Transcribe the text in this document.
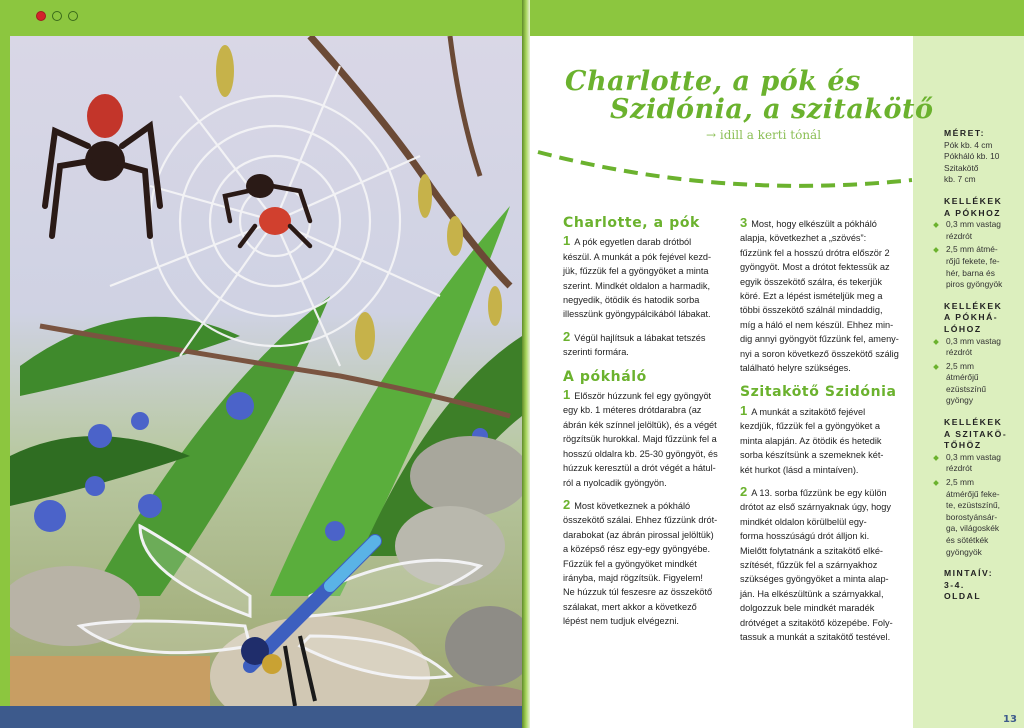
Charlotte, a pók és
Szidónia, a szitakötő
→ idill a kerti tónál
Charlotte, a pók
1 A pók egyetlen darab drótból
készül. A munkát a pók fejével kezd-
jük, fűzzük fel a gyöngyöket a minta
szerint. Mindkét oldalon a harmadik,
negyedik, ötödik és hatodik sorba
illesszünk gyöngypálcikából lábakat.
2 Végül hajlítsuk a lábakat tetszés
szerinti formára.
A pókháló
1 Először húzzunk fel egy gyöngyöt
egy kb. 1 méteres drótdarabra (az
ábrán kék színnel jelöltük), és a végét
rögzítsük hurokkal. Majd fűzzünk fel a
hosszú oldalra kb. 25-30 gyöngyöt, és
húzzuk keresztül a drót végét a hátul-
ról a nyolcadik gyöngyön.
2 Most következnek a pókháló
összekötő szálai. Ehhez fűzzünk drót-
darabokat (az ábrán pirossal jelöltük)
a középső rész egy-egy gyöngyébe.
Fűzzük fel a gyöngyöket mindkét
irányba, majd rögzítsük. Figyelem!
Ne húzzuk túl feszesre az összekötő
szálakat, mert akkor a következő
lépést nem tudjuk elvégezni.
3 Most, hogy elkészült a pókháló
alapja, következhet a „szövés”:
fűzzünk fel a hosszú drótra először 2
gyöngyöt. Most a drótot fektessük az
egyik összekötő szálra, és tekerjük
köré. Ezt a lépést ismételjük meg a
többi összekötő szálnál mindaddig,
míg a háló el nem készül. Ehhez min-
dig annyi gyöngyöt fűzzünk fel, ameny-
nyi a soron következő összekötő szálig
található helyre szükséges.
Szitakötő Szidónia
1 A munkát a szitakötő fejével
kezdjük, fűzzük fel a gyöngyöket a
minta alapján. Az ötödik és hetedik
sorba készítsünk a szemeknek két-
két hurkot (lásd a mintaíven).
2 A 13. sorba fűzzünk be egy külön
drótot az első szárnyaknak úgy, hogy
mindkét oldalon körülbelül egy-
forma hosszúságú drót álljon ki.
Mielőtt folytatnánk a szitakötő elké-
szítését, fűzzük fel a szárnyakhoz
szükséges gyöngyöket a minta alap-
ján. Ha elkészültünk a szárnyakkal,
dolgozzuk bele mindkét maradék
drótvéget a szitakötő közepébe. Foly-
tassuk a munkát a szitakötő testével.
MÉRET:
Pók kb. 4 cm
Pókháló kb. 10
Szitakötő
kb. 7 cm
KELLÉKEK
A PÓKHOZ
0,3 mm vastag
rézdrót
2,5 mm átmé-
rőjű fekete, fe-
hér, barna és
piros gyöngyök
KELLÉKEK
A PÓKHÁ-
LÓHOZ
0,3 mm vastag
rézdrót
2,5 mm
átmérőjű
ezüstszínű
gyöngy
KELLÉKEK
A SZITAKÖ-
TŐHÖZ
0,3 mm vastag
rézdrót
2,5 mm
átmérőjű feke-
te, ezüstszínű,
borostyánsár-
ga, világoskék
és sötétkék
gyöngyök
MINTAÍV:
3-4.
OLDAL
13
